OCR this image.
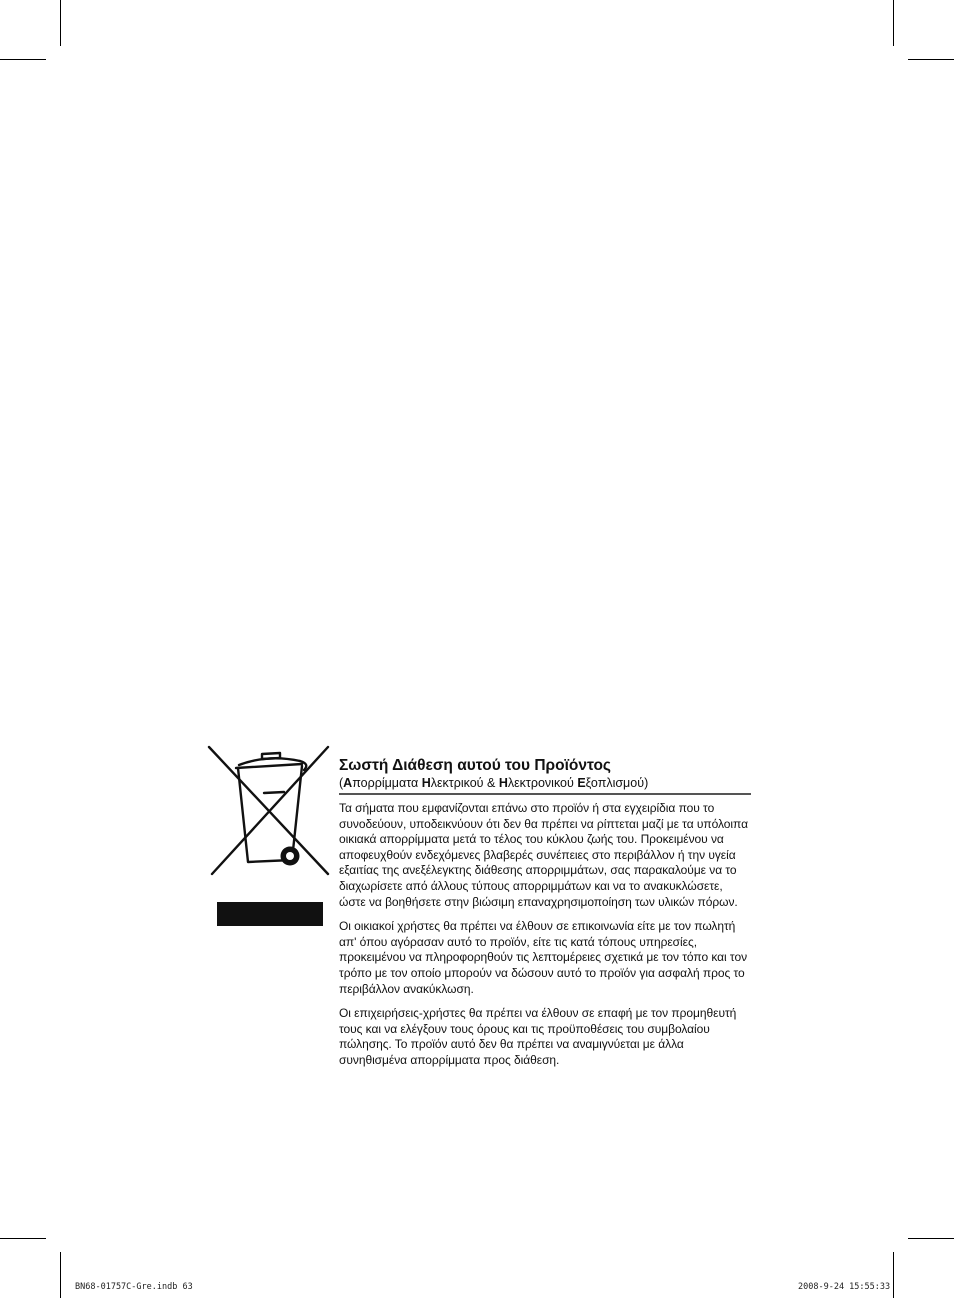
Σωστή Διάθεση αυτού του Προϊόντος
(Απορρίμματα Ηλεκτρικού & Ηλεκτρονικού Εξοπλισμού)

Τα σήματα που εμφανίζονται επάνω στο προϊόν ή στα εγχειρίδια που το συνοδεύουν, υποδεικνύουν ότι δεν θα πρέπει να ρίπτεται μαζί με τα υπόλοιπα οικιακά απορρίμματα μετά το τέλος του κύκλου ζωής του. Προκειμένου να αποφευχθούν ενδεχόμενες βλαβερές συνέπειες στο περιβάλλον ή την υγεία εξαιτίας της ανεξέλεγκτης διάθεσης απορριμμάτων, σας παρακαλούμε να το διαχωρίσετε από άλλους τύπους απορριμμάτων και να το ανακυκλώσετε, ώστε να βοηθήσετε στην βιώσιμη επαναχρησιμοποίηση των υλικών πόρων.

Οι οικιακοί χρήστες θα πρέπει να έλθουν σε επικοινωνία είτε με τον πωλητή απ' όπου αγόρασαν αυτό το προϊόν, είτε τις κατά τόπους υπηρεσίες, προκειμένου να πληροφορηθούν τις λεπτομέρειες σχετικά με τον τόπο και τον τρόπο με τον οποίο μπορούν να δώσουν αυτό το προϊόν για ασφαλή προς το περιβάλλον ανακύκλωση.

Οι επιχειρήσεις-χρήστες θα πρέπει να έλθουν σε επαφή με τον προμηθευτή τους και να ελέγξουν τους όρους και τις προϋποθέσεις του συμβολαίου πώλησης. Το προϊόν αυτό δεν θα πρέπει να αναμιγνύεται με άλλα συνηθισμένα απορρίμματα προς διάθεση.

BN68-01757C-Gre.indb 63	2008-9-24 15:55:33
